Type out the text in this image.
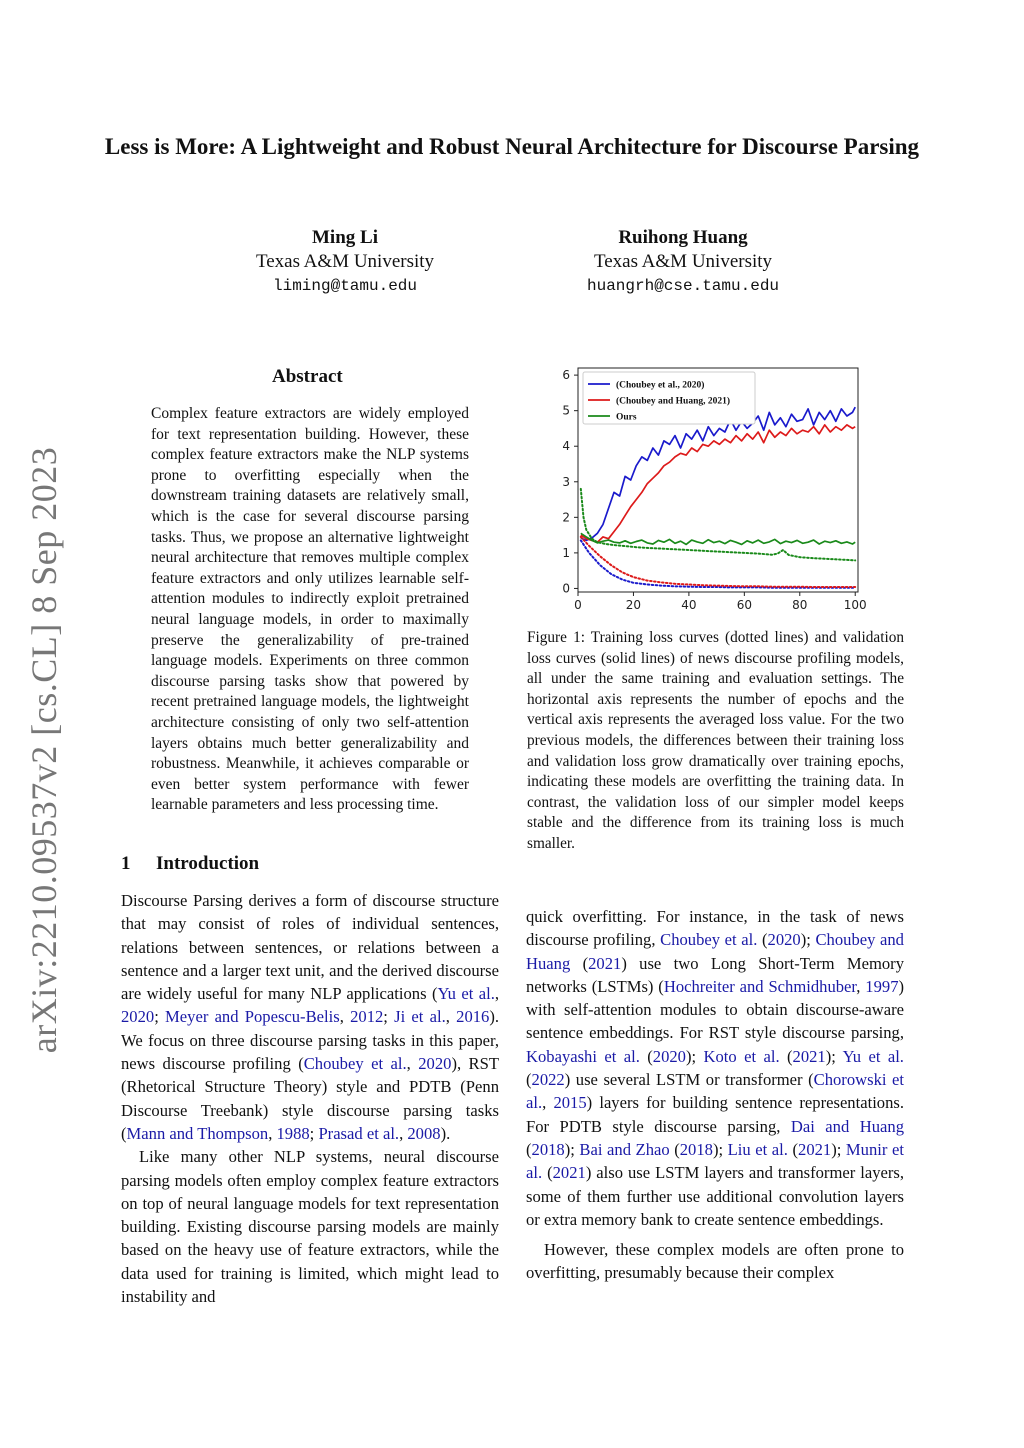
arXiv:2210.09537v2 [cs.CL] 8 Sep 2023
Less is More: A Lightweight and Robust Neural Architecture for Discourse Parsing
Ming Li
Texas A&M University
liming@tamu.edu
Ruihong Huang
Texas A&M University
huangrh@cse.tamu.edu
Abstract
Complex feature extractors are widely employed for text representation building. However, these complex feature extractors make the NLP systems prone to overfitting especially when the downstream training datasets are relatively small, which is the case for several discourse parsing tasks. Thus, we propose an alternative lightweight neural architecture that removes multiple complex feature extractors and only utilizes learnable self-attention modules to indirectly exploit pretrained neural language models, in order to maximally preserve the generalizability of pre-trained language models. Experiments on three common discourse parsing tasks show that powered by recent pretrained language models, the lightweight architecture consisting of only two self-attention layers obtains much better generalizability and robustness. Meanwhile, it achieves comparable or even better system performance with fewer learnable parameters and less processing time.
1 Introduction

Discourse Parsing derives a form of discourse structure that may consist of roles of individual sentences, relations between sentences, or relations between a sentence and a larger text unit, and the derived discourse are widely useful for many NLP applications (Yu et al., 2020; Meyer and Popescu-Belis, 2012; Ji et al., 2016). We focus on three discourse parsing tasks in this paper, news discourse profiling (Choubey et al., 2020), RST (Rhetorical Structure Theory) style and PDTB (Penn Discourse Treebank) style discourse parsing tasks (Mann and Thompson, 1988; Prasad et al., 2008).

Like many other NLP systems, neural discourse parsing models often employ complex feature extractors on top of neural language models for text representation building. Existing discourse parsing models are mainly based on the heavy use of feature extractors, while the data used for training is limited, which might lead to instability and

quick overfitting. For instance, in the task of news discourse profiling, Choubey et al. (2020); Choubey and Huang (2021) use two Long Short-Term Memory networks (LSTMs) (Hochreiter and Schmidhuber, 1997) with self-attention modules to obtain discourse-aware sentence embeddings. For RST style discourse parsing, Kobayashi et al. (2020); Koto et al. (2021); Yu et al. (2022) use several LSTM or transformer (Chorowski et al., 2015) layers for building sentence representations. For PDTB style discourse parsing, Dai and Huang (2018); Bai and Zhao (2018); Liu et al. (2021); Munir et al. (2021) also use LSTM layers and transformer layers, some of them further use additional convolution layers or extra memory bank to create sentence embeddings.

However, these complex models are often prone to overfitting, presumably because their complex

0	20	40	60	80	100
0
1
2
3
4
5
6
(Choubey et al., 2020)
(Choubey and Huang, 2021)
Ours
Figure 1: Training loss curves (dotted lines) and validation loss curves (solid lines) of news discourse profiling models, all under the same training and evaluation settings. The horizontal axis represents the number of epochs and the vertical axis represents the averaged loss value. For the two previous models, the differences between their training loss and validation loss grow dramatically over training epochs, indicating these models are overfitting the training data. In contrast, the validation loss of our simpler model keeps stable and the difference from its training loss is much smaller.
